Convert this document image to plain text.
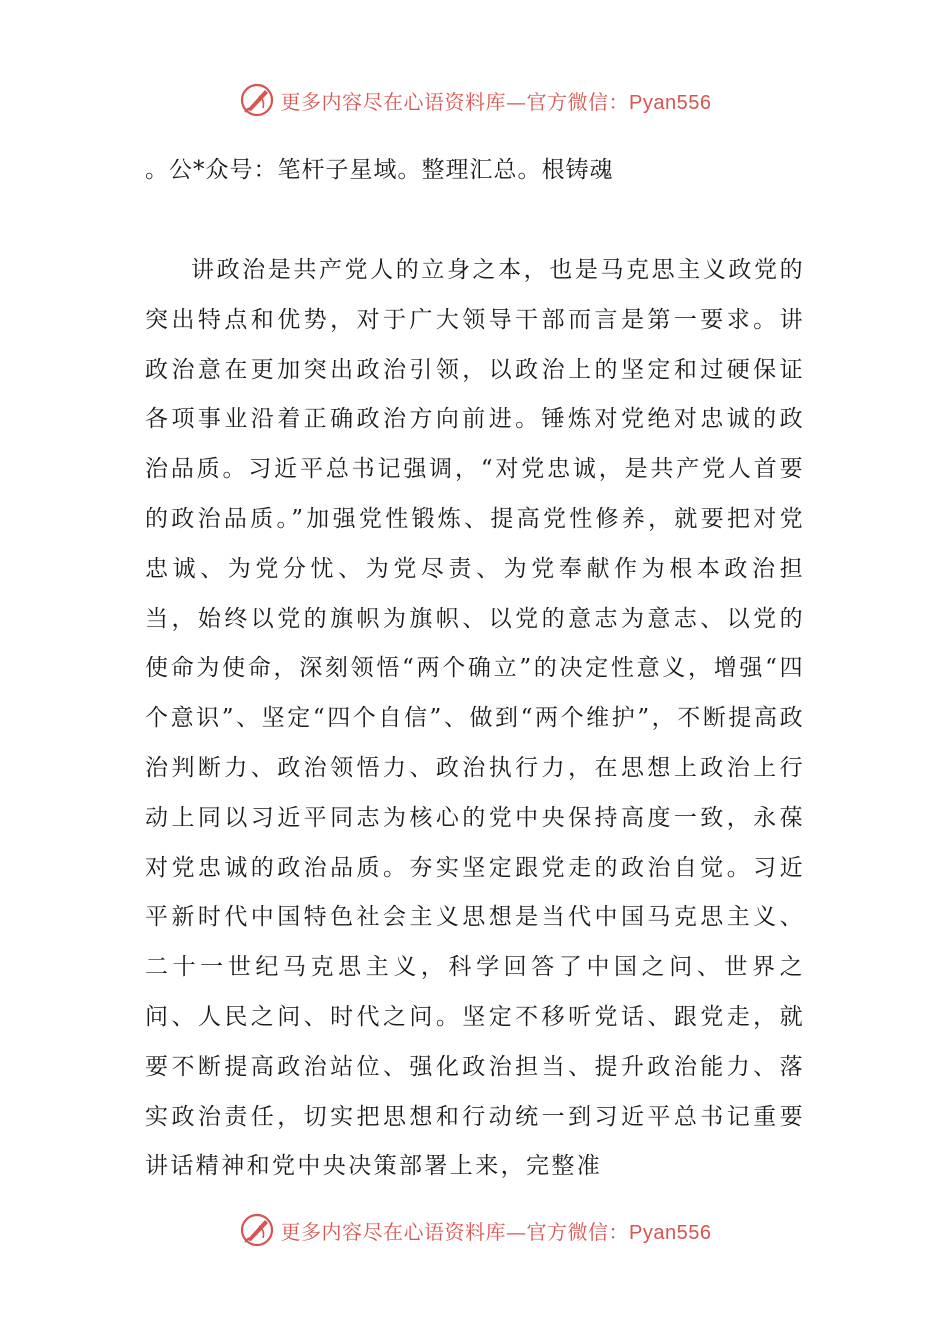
更多内容尽在心语资料库—官方微信：Pyan556
。公*众号：笔杆子星域。整理汇总。根铸魂

讲政治是共产党人的立身之本，也是马克思主义政党的突出特点和优势，对于广大领导干部而言是第一要求。讲政治意在更加突出政治引领，以政治上的坚定和过硬保证各项事业沿着正确政治方向前进。锤炼对党绝对忠诚的政治品质。习近平总书记强调，“对党忠诚，是共产党人首要的政治品质。”加强党性锻炼、提高党性修养，就要把对党忠诚、为党分忧、为党尽责、为党奉献作为根本政治担当，始终以党的旗帜为旗帜、以党的意志为意志、以党的使命为使命，深刻领悟“两个确立”的决定性意义，增强“四个意识”、坚定“四个自信”、做到“两个维护”，不断提高政治判断力、政治领悟力、政治执行力，在思想上政治上行动上同以习近平同志为核心的党中央保持高度一致，永葆对党忠诚的政治品质。夯实坚定跟党走的政治自觉。习近平新时代中国特色社会主义思想是当代中国马克思主义、二十一世纪马克思主义，科学回答了中国之问、世界之问、人民之问、时代之问。坚定不移听党话、跟党走，就要不断提高政治站位、强化政治担当、提升政治能力、落实政治责任，切实把思想和行动统一到习近平总书记重要讲话精神和党中央决策部署上来，完整准

更多内容尽在心语资料库—官方微信：Pyan556
